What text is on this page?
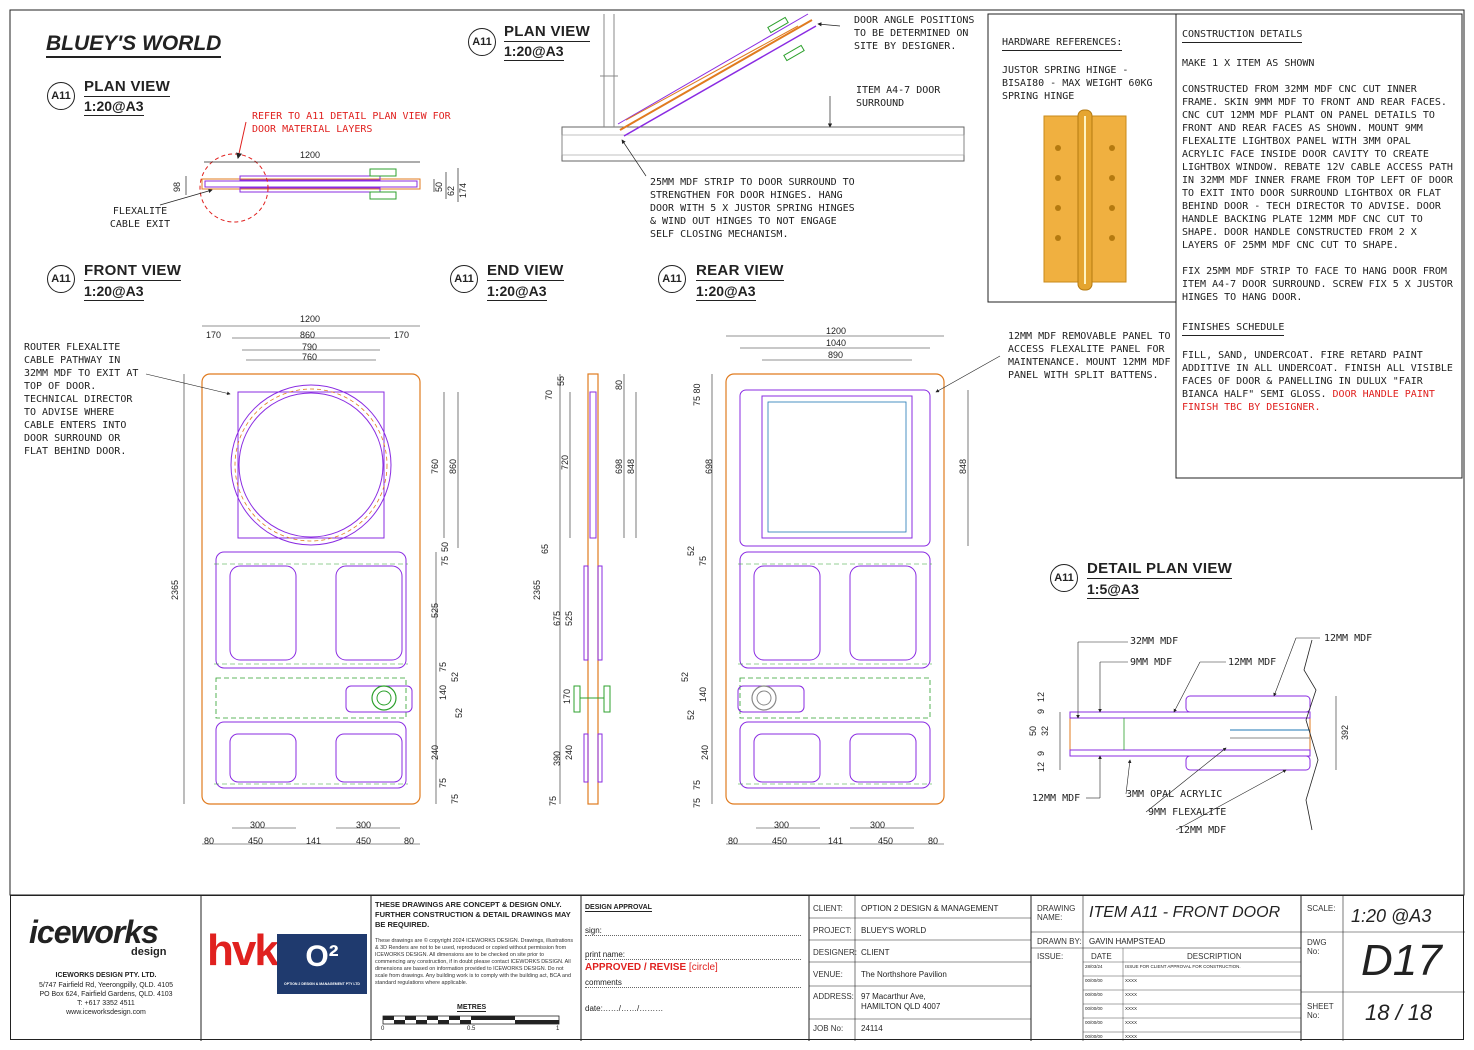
1200
98	50 62 174
1200
170	860	170
790
760
2365
760 860
50
75
525
75
52
140
52
240
75
75
80	450	141	450	80
300	300
70
55
720
65
2365
675 525
170
390 240
75
80
698 848
1200
1040
890
75 80
698	848
52
75
52
140
52
240
75
75
80	450	141	450	80
300	300
392
12
9
50 32
9
12
BLUEY'S WORLD
A11
PLAN VIEW
1:20@A3
REFER TO A11 DETAIL PLAN VIEW FOR DOOR MATERIAL LAYERS
FLEXALITE CABLE EXIT
A11
PLAN VIEW
1:20@A3
DOOR ANGLE POSITIONS TO BE DETERMINED ON SITE BY DESIGNER.
ITEM A4-7 DOOR SURROUND
25MM MDF STRIP TO DOOR SURROUND TO STRENGTHEN FOR DOOR HINGES. HANG DOOR WITH 5 X JUSTOR SPRING HINGES & WIND OUT HINGES TO NOT ENGAGE SELF CLOSING MECHANISM.
A11 FRONT VIEW
1:20@A3
ROUTER FLEXALITE CABLE PATHWAY IN 32MM MDF TO EXIT AT TOP OF DOOR. TECHNICAL DIRECTOR TO ADVISE WHERE CABLE ENTERS INTO DOOR SURROUND OR FLAT BEHIND DOOR.
A11 END VIEW
1:20@A3
A11 REAR VIEW
1:20@A3
12MM MDF REMOVABLE PANEL TO ACCESS FLEXALITE PANEL FOR MAINTENANCE. MOUNT 12MM MDF PANEL WITH SPLIT BATTENS.
HARDWARE REFERENCES:
JUSTOR SPRING HINGE - BISAI80 - MAX WEIGHT 60KG SPRING HINGE
CONSTRUCTION DETAILS
MAKE 1 X ITEM AS SHOWN
CONSTRUCTED FROM 32MM MDF CNC CUT INNER FRAME. SKIN 9MM MDF TO FRONT AND REAR FACES. CNC CUT 12MM MDF PLANT ON PANEL DETAILS TO FRONT AND REAR FACES AS SHOWN. MOUNT 9MM FLEXALITE LIGHTBOX PANEL WITH 3MM OPAL ACRYLIC FACE INSIDE DOOR CAVITY TO CREATE LIGHTBOX WINDOW. REBATE 12V CABLE ACCESS PATH IN 32MM MDF INNER FRAME FROM TOP LEFT OF DOOR TO EXIT INTO DOOR SURROUND LIGHTBOX OR FLAT BEHIND DOOR - TECH DIRECTOR TO ADVISE. DOOR HANDLE BACKING PLATE 12MM MDF CNC CUT TO SHAPE. DOOR HANDLE CONSTRUCTED FROM 2 X LAYERS OF 25MM MDF CNC CUT TO SHAPE.
FIX 25MM MDF STRIP TO FACE TO HANG DOOR FROM ITEM A4-7 DOOR SURROUND. SCREW FIX 5 X JUSTOR HINGES TO HANG DOOR.
FINISHES SCHEDULE
FILL, SAND, UNDERCOAT. FIRE RETARD PAINT ADDITIVE IN ALL UNDERCOAT. FINISH ALL VISIBLE FACES OF DOOR & PANELLING IN DULUX "FAIR BIANCA HALF" SEMI GLOSS. DOOR HANDLE PAINT FINISH TBC BY DESIGNER.
A11
DETAIL PLAN VIEW
1:5@A3
32MM MDF
9MM MDF	12MM MDF
12MM MDF
12MM MDF	3MM OPAL ACRYLIC
9MM FLEXALITE
12MM MDF
iceworks
design
ICEWORKS DESIGN PTY. LTD.
5/747 Fairfield Rd, Yeerongpilly, QLD. 4105
PO Box 624, Fairfield Gardens, QLD. 4103
T: +617 3352 4511
www.iceworksdesign.com
hvk O²
OPTION 2 DESIGN & MANAGEMENT PTY LTD
THESE DRAWINGS ARE CONCEPT & DESIGN ONLY. FURTHER CONSTRUCTION & DETAIL DRAWINGS MAY BE REQUIRED.
These drawings are © copyright 2024 ICEWORKS DESIGN. Drawings, illustrations & 3D Renders are not to be used, reproduced or copied without permission from ICEWORKS DESIGN. All dimensions are to be checked on site prior to commencing any construction, if in doubt please contact ICEWORKS DESIGN. All dimensions are based on information provided to ICEWORKS DESIGN. Do not scale from drawings. Any building work is to comply with the building act, BCA and standard regulations where applicable.
METRES
0	0.5	1
DESIGN APPROVAL
sign:
print name:
APPROVED / REVISE [circle]
comments
date:……/……/………
CLIENT: OPTION 2 DESIGN & MANAGEMENT
PROJECT: BLUEY'S WORLD
DESIGNER: CLIENT
VENUE: The Northshore Pavilion
ADDRESS: 97 Macarthur Ave,
HAMILTON QLD 4007
JOB No: 24114
DRAWING NAME:	ITEM A11 - FRONT DOOR
DRAWN BY: GAVIN HAMPSTEAD
ISSUE:	DATE	DESCRIPTION
28/03/24	ISSUE FOR CLIENT APPROVAL FOR CONSTRUCTION.
00/00/00	XXXX
00/00/00	XXXX
00/00/00	XXXX
00/00/00	XXXX
00/00/00	XXXX
SCALE: 1:20 @A3
DWG No: D17
SHEET No:	18 / 18
